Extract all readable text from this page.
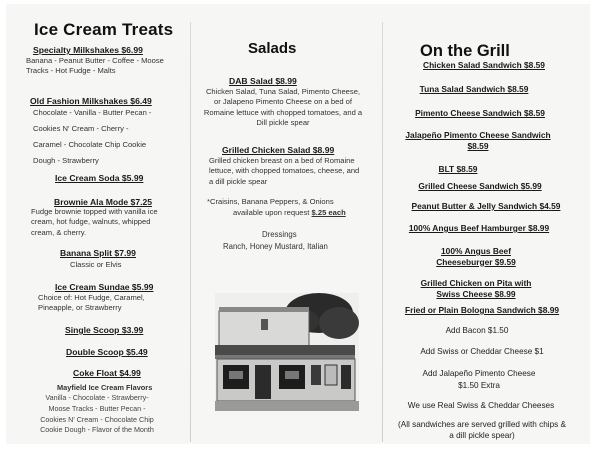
Ice Cream Treats
Specialty Milkshakes $6.99
Banana - Peanut Butter - Coffee - Moose Tracks - Hot Fudge - Malts
Old Fashion Milkshakes $6.49
Chocolate - Vanilla - Butter Pecan -
Cookies N' Cream - Cherry -
Caramel - Chocolate Chip Cookie
Dough - Strawberry
Ice Cream Soda $5.99
Brownie Ala Mode $7.25
Fudge brownie topped with vanilla ice cream, hot fudge, walnuts, whipped cream, & cherry.
Banana Split $7.99
Classic or Elvis
Ice Cream Sundae $5.99
Choice of: Hot Fudge, Caramel, Pineapple, or Strawberry
Single Scoop $3.99
Double Scoop $5.49
Coke Float $4.99
Mayfield Ice Cream Flavors
Vanilla - Chocolate - Strawberry- Moose Tracks - Butter Pecan - Cookies N' Cream - Chocolate Chip Cookie Dough - Flavor of the Month
Salads
DAB Salad $8.99
Chicken Salad, Tuna Salad, Pimento Cheese, or Jalapeno Pimento Cheese on a bed of Romaine lettuce with chopped tomatoes, and a Dill pickle spear
Grilled Chicken Salad $8.99
Grilled chicken breast on a bed of Romaine lettuce, with chopped tomatoes, cheese, and a dill pickle spear
*Craisins, Banana Peppers, & Onions
available upon request $.25 each
Dressings
Ranch, Honey Mustard, Italian
On the Grill
Chicken Salad Sandwich $8.59
Tuna Salad Sandwich $8.59
Pimento Cheese Sandwich $8.59
Jalapeño Pimento Cheese Sandwich $8.59
BLT $8.59
Grilled Cheese Sandwich $5.99
Peanut Butter & Jelly Sandwich $4.59
100% Angus Beef Hamburger $8.99
100% Angus Beef Cheeseburger $9.59
Grilled Chicken on Pita with Swiss Cheese $8.99
Fried or Plain Bologna Sandwich $8.99
Add Bacon $1.50
Add Swiss or Cheddar Cheese $1
Add Jalapeño Pimento Cheese
$1.50 Extra
We use Real Swiss & Cheddar Cheeses
(All sandwiches are served grilled with chips & a dill pickle spear)
